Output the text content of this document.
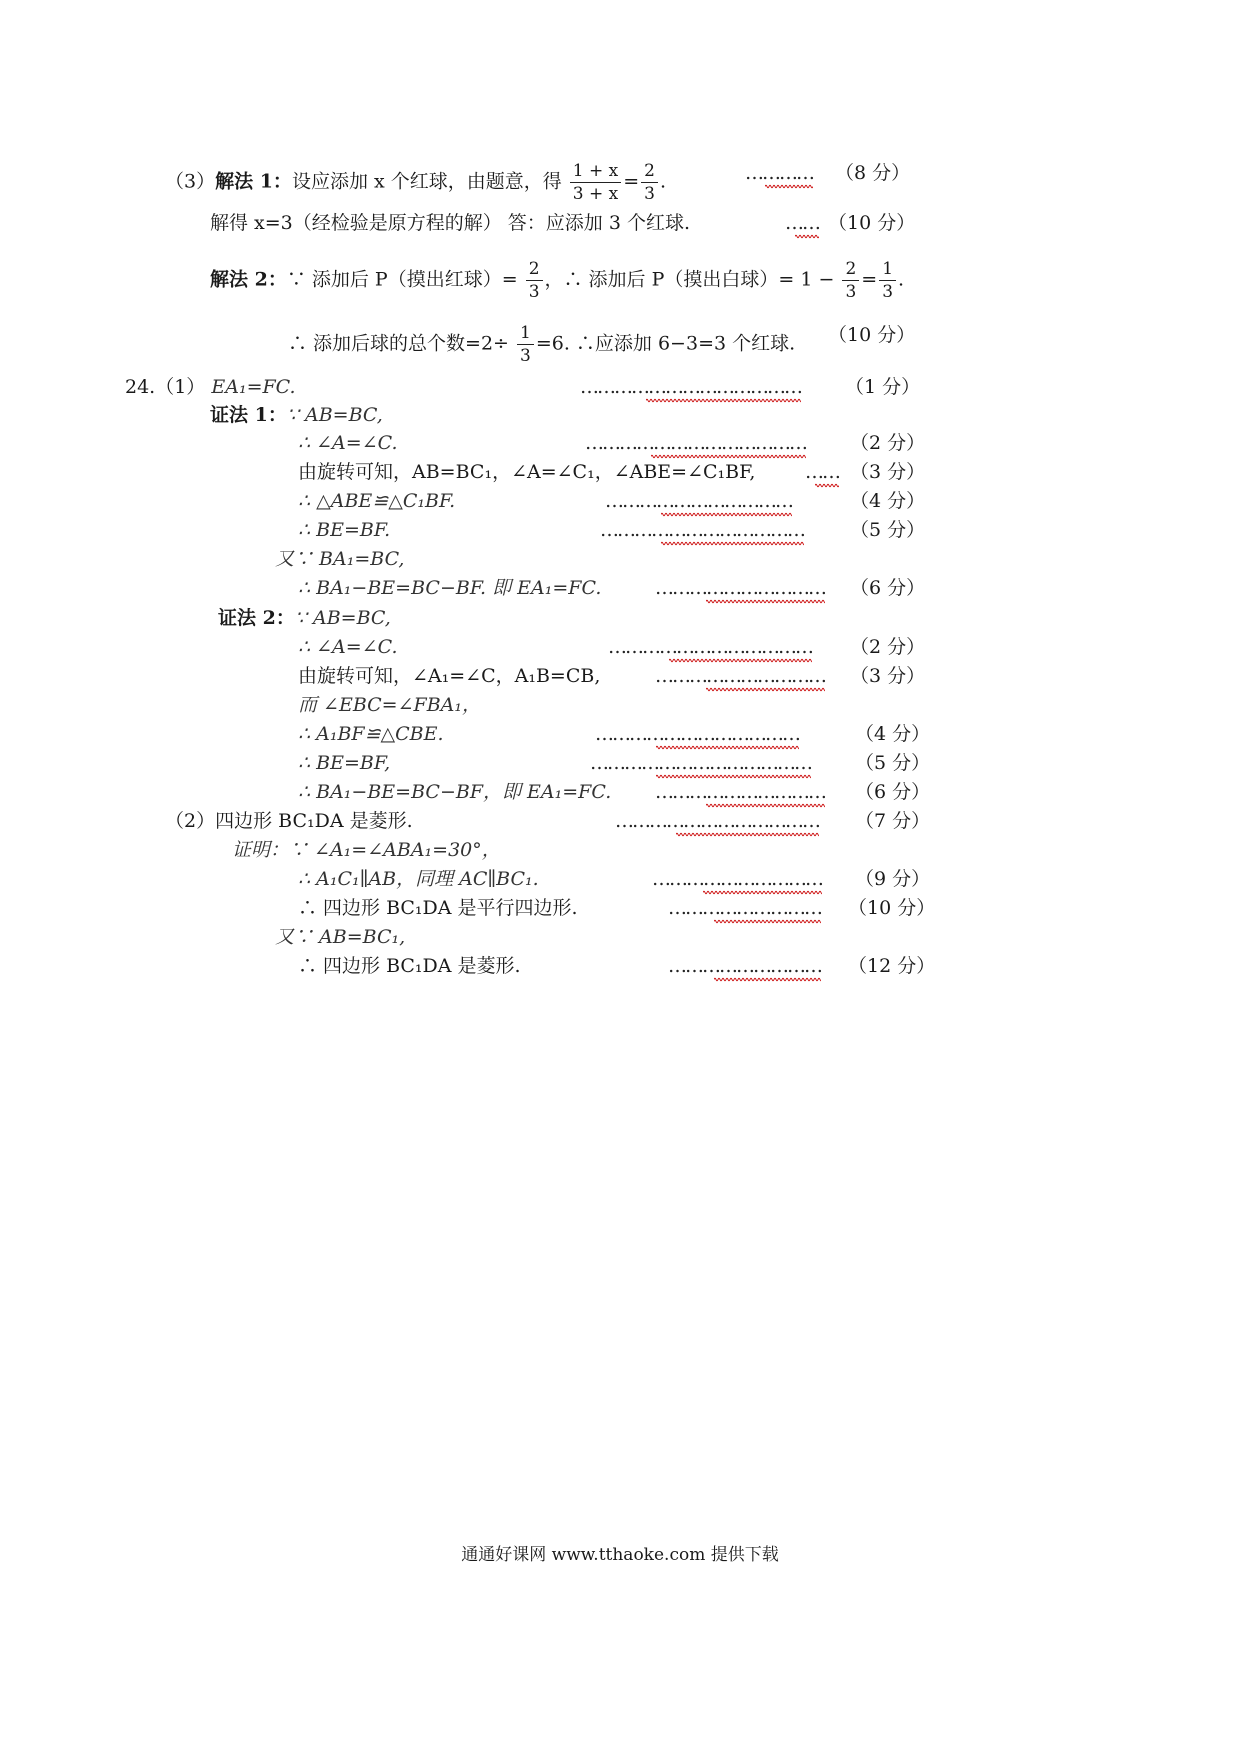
（3）解法 1：设应添加 x 个红球，由题意，得 $\frac{1 + x}{3 + x} = \frac{2}{3}$ .	………… （8 分）
解得 x=3（经检验是原方程的解） 答：应添加 3 个红球.	…… （10 分）
解法 2：∵ 添加后 P（摸出红球）= $\frac{2}{3}$ ，∴ 添加后 P（摸出白球）= $1 - \frac{2}{3} = \frac{1}{3}$ .
∴ 添加后球的总个数$=2\div \frac{1}{3} =6$. ∴应添加 6−3=3 个红球. （10 分）
24.（1） EA₁=FC.	………………………………… （1 分）
证法 1：∵ AB=BC,
∴ ∠A=∠C.	………………………………… （2 分）
由旋转可知，AB=BC₁，∠A=∠C₁，∠ABE=∠C₁BF,	…… （3 分）
∴ △ABE≌△C₁BF.	……………………………	（4 分）
∴ BE=BF.	……………………………… （5 分）
又∵ BA₁=BC,
∴ BA₁−BE=BC−BF. 即 EA₁=FC.	………………………… （6 分）
证法 2：∵ AB=BC,
∴ ∠A=∠C.	……………………………… （2 分）
由旋转可知，∠A₁=∠C，A₁B=CB,	………………………… （3 分）
而 ∠EBC=∠FBA₁，
∴ A₁BF≌△CBE.	………………………………	（4 分）
∴ BE=BF,	………………………………… （5 分）
∴ BA₁−BE=BC−BF，即 EA₁=FC. ………………………… （6 分）
（2）四边形 BC₁DA 是菱形.	……………………………… （7 分）
证明：∵ ∠A₁=∠ABA₁=30°，
∴ A₁C₁∥AB，同理 AC∥BC₁.	………………………… （9 分）
∴ 四边形 BC₁DA 是平行四边形.	……………………… （10 分）
又∵ AB=BC₁,
∴ 四边形 BC₁DA 是菱形.	……………………… （12 分）
通通好课网 www.tthaoke.com 提供下载
